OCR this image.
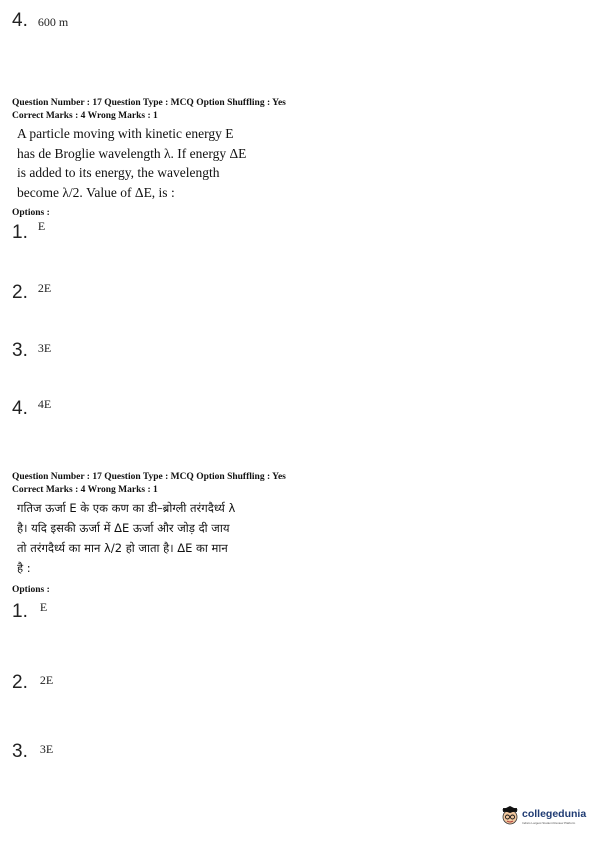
4. 600 m
Question Number : 17 Question Type : MCQ Option Shuffling : Yes
Correct Marks : 4 Wrong Marks : 1
A particle moving with kinetic energy E
has de Broglie wavelength λ. If energy ΔE
is added to its energy, the wavelength
become λ/2. Value of ΔE, is :
Options :
1. $^E$
2. $^{2E}$
3. $^{3E}$
4. $^{4E}$
Question Number : 17 Question Type : MCQ Option Shuffling : Yes
Correct Marks : 4 Wrong Marks : 1
गतिज ऊर्जा E के एक कण का डी–ब्रोग्ली तरंगदैर्ध्य λ
है। यदि इसकी ऊर्जा में ΔE ऊर्जा और जोड़ दी जाय
तो तरंगदैर्ध्य का मान λ/2 हो जाता है। ΔE का मान
है :
Options :
1. $^E$
2. $^{2E}$
3. $^{3E}$
collegedunia
India's Largest Student Review Platform
